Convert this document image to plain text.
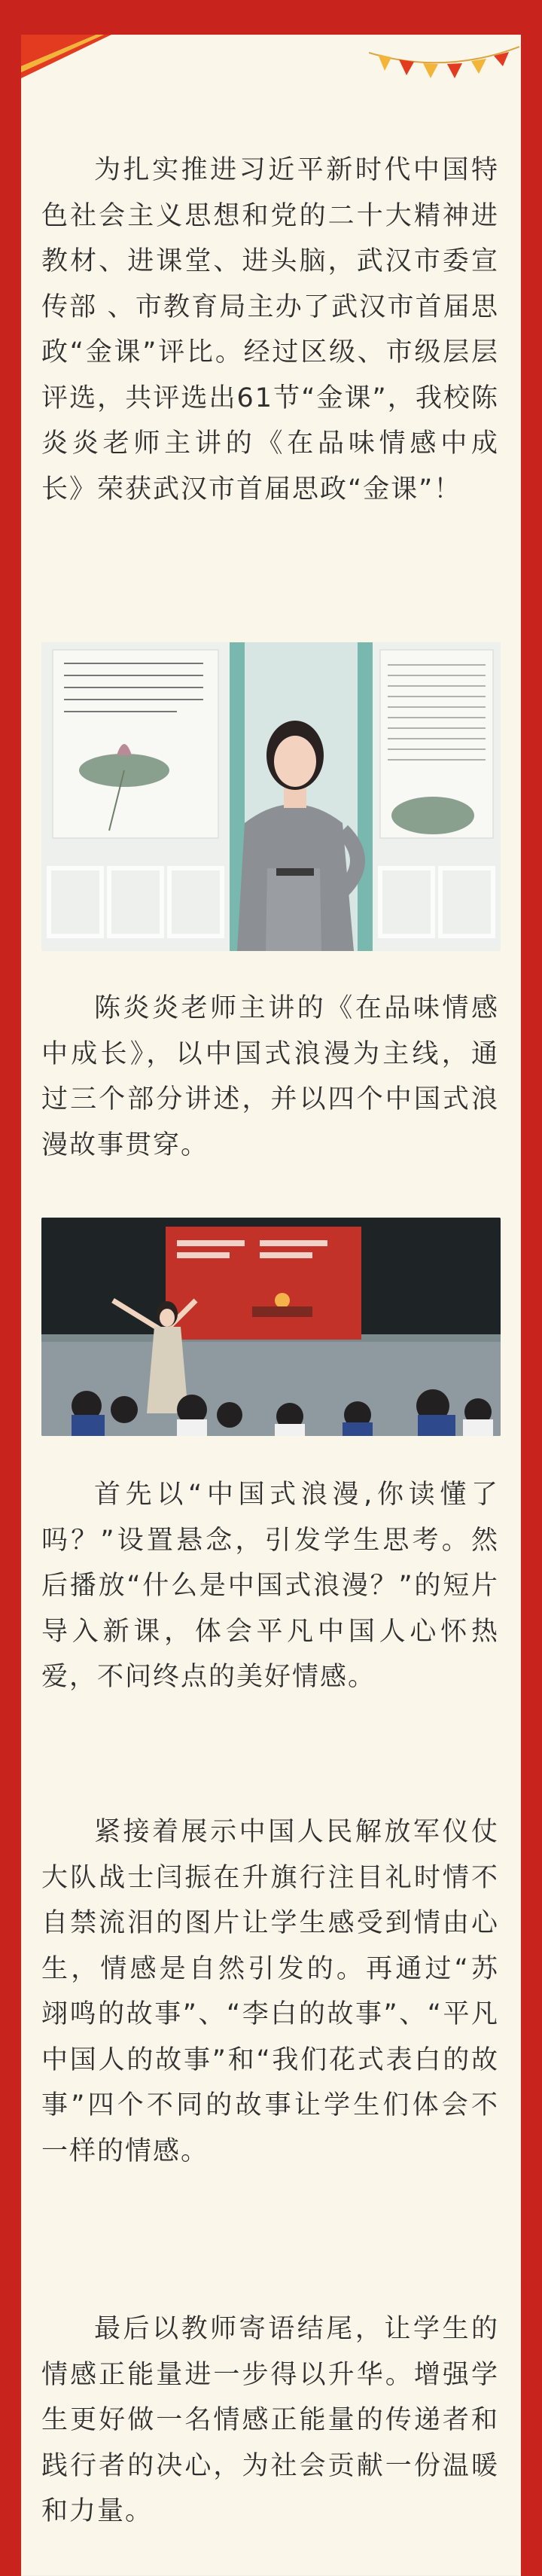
为扎实推进习近平新时代中国特色社会主义思想和党的二十大精神进教材、进课堂、进头脑，武汉市委宣传部 、市教育局主办了武汉市首届思政“金课”评比。经过区级、市级层层评选，共评选出61节“金课”，我校陈炎炎老师主讲的《在品味情感中成长》荣获武汉市首届思政“金课”！

陈炎炎老师主讲的《在品味情感中成长》，以中国式浪漫为主线，通过三个部分讲述，并以四个中国式浪漫故事贯穿。

首先以“中国式浪漫,你读懂了吗？”设置悬念，引发学生思考。然后播放“什么是中国式浪漫？”的短片导入新课，体会平凡中国人心怀热爱，不问终点的美好情感。

紧接着展示中国人民解放军仪仗大队战士闫振在升旗行注目礼时情不自禁流泪的图片让学生感受到情由心生，情感是自然引发的。再通过“苏翊鸣的故事”、“李白的故事”、“平凡中国人的故事”和“我们花式表白的故事”四个不同的故事让学生们体会不一样的情感。

最后以教师寄语结尾，让学生的情感正能量进一步得以升华。增强学生更好做一名情感正能量的传递者和践行者的决心，为社会贡献一份温暖和力量。
